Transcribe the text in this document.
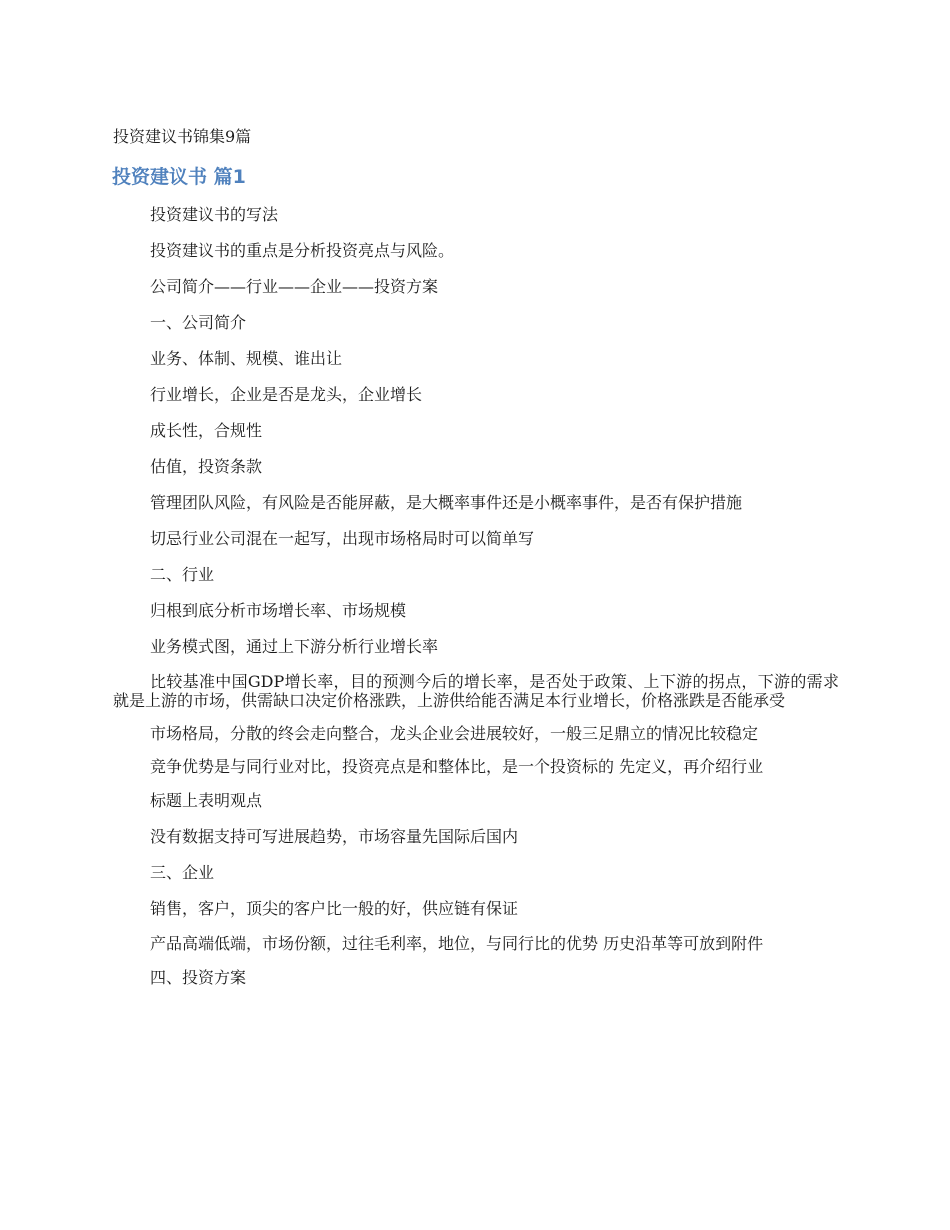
投资建议书锦集9篇

投资建议书 篇1

投资建议书的写法

投资建议书的重点是分析投资亮点与风险。

公司简介——行业——企业——投资方案

一、公司简介

业务、体制、规模、谁出让

行业增长，企业是否是龙头，企业增长

成长性，合规性

估值，投资条款

管理团队风险，有风险是否能屏蔽，是大概率事件还是小概率事件，是否有保护措施

切忌行业公司混在一起写，出现市场格局时可以简单写

二、行业

归根到底分析市场增长率、市场规模

业务模式图，通过上下游分析行业增长率

比较基准中国GDP增长率，目的预测今后的增长率，是否处于政策、上下游的拐点，下游的需求就是上游的市场，供需缺口决定价格涨跌，上游供给能否满足本行业增长，价格涨跌是否能承受

市场格局，分散的终会走向整合，龙头企业会进展较好，一般三足鼎立的情况比较稳定

竞争优势是与同行业对比，投资亮点是和整体比，是一个投资标的 先定义，再介绍行业

标题上表明观点

没有数据支持可写进展趋势，市场容量先国际后国内

三、企业

销售，客户，顶尖的客户比一般的好，供应链有保证

产品高端低端，市场份额，过往毛利率，地位，与同行比的优势 历史沿革等可放到附件

四、投资方案
